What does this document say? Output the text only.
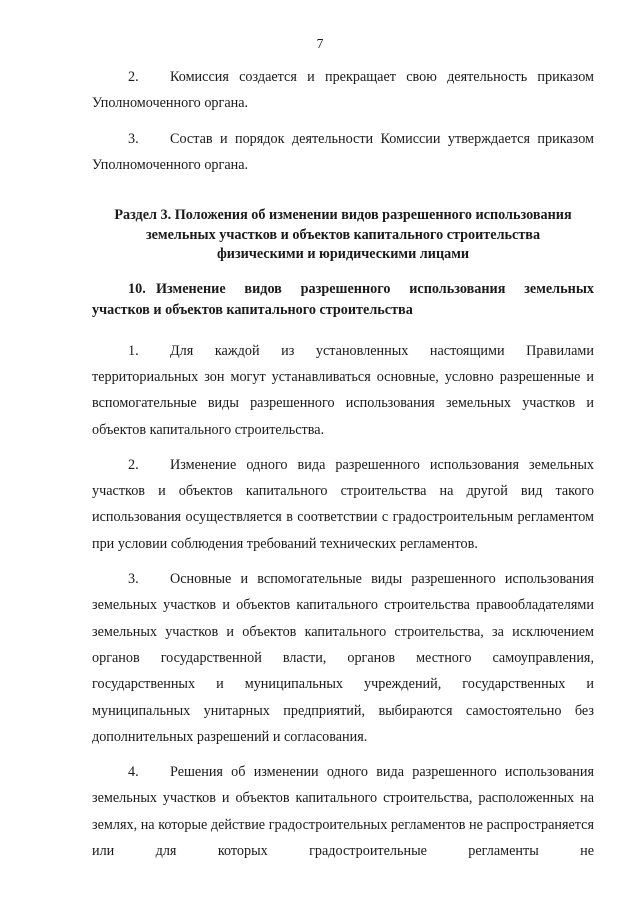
7

2. Комиссия создается и прекращает свою деятельность приказом Уполномоченного органа.

3. Состав и порядок деятельности Комиссии утверждается приказом Уполномоченного органа.

Раздел 3. Положения об изменении видов разрешенного использования
земельных участков и объектов капитального строительства
физическими и юридическими лицами

10. Изменение видов разрешенного использования земельных участков и объектов капитального строительства

1. Для каждой из установленных настоящими Правилами территориальных зон могут устанавливаться основные, условно разрешенные и вспомогательные виды разрешенного использования земельных участков и объектов капитального строительства.

2. Изменение одного вида разрешенного использования земельных участков и объектов капитального строительства на другой вид такого использования осуществляется в соответствии с градостроительным регламентом при условии соблюдения требований технических регламентов.

3. Основные и вспомогательные виды разрешенного использования земельных участков и объектов капитального строительства правообладателями земельных участков и объектов капитального строительства, за исключением органов государственной власти, органов местного самоуправления, государственных и муниципальных учреждений, государственных и муниципальных унитарных предприятий, выбираются самостоятельно без дополнительных разрешений и согласования.

4. Решения об изменении одного вида разрешенного использования земельных участков и объектов капитального строительства, расположенных на землях, на которые действие градостроительных регламентов не распространяется или для которых градостроительные регламенты не
